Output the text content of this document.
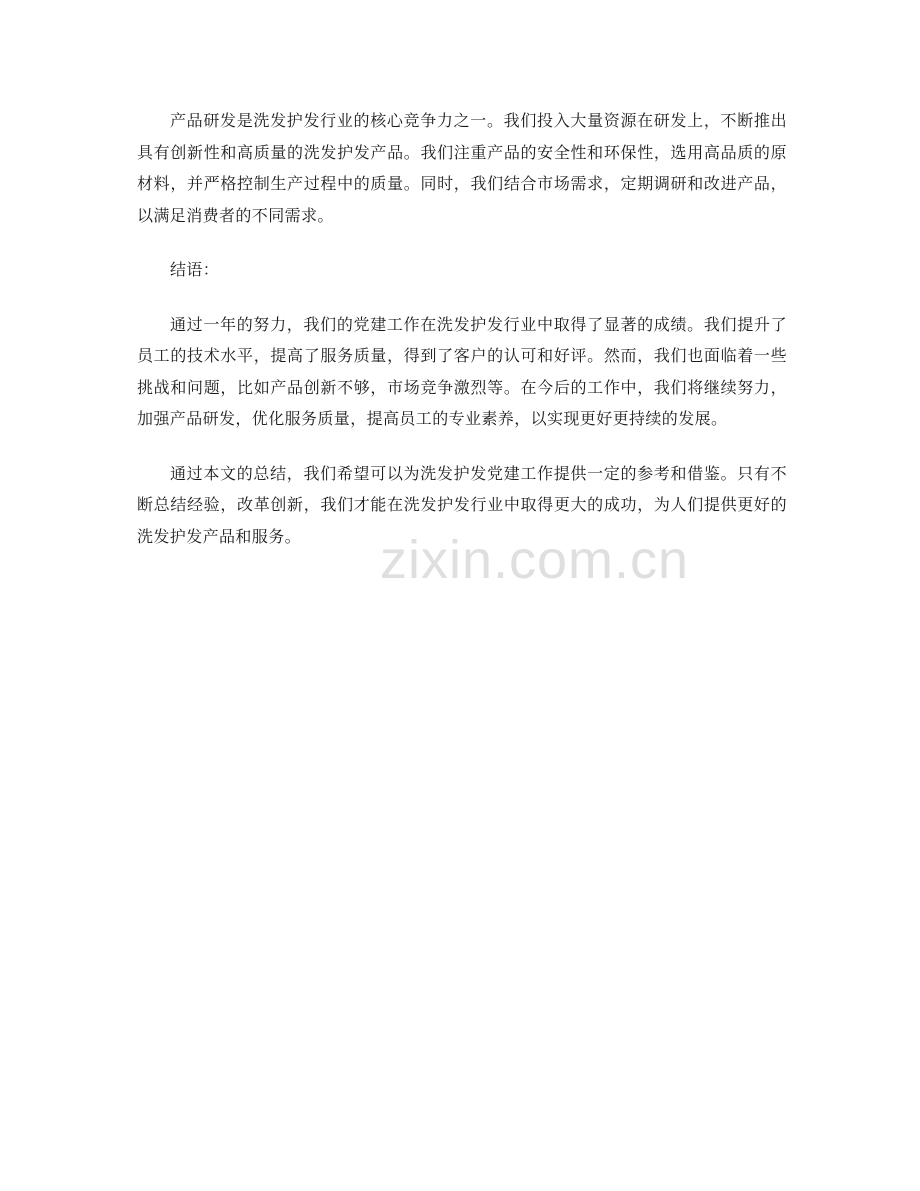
产品研发是洗发护发行业的核心竞争力之一。我们投入大量资源在研发上，不断推出具有创新性和高质量的洗发护发产品。我们注重产品的安全性和环保性，选用高品质的原材料，并严格控制生产过程中的质量。同时，我们结合市场需求，定期调研和改进产品，以满足消费者的不同需求。

结语：

通过一年的努力，我们的党建工作在洗发护发行业中取得了显著的成绩。我们提升了员工的技术水平，提高了服务质量，得到了客户的认可和好评。然而，我们也面临着一些挑战和问题，比如产品创新不够，市场竞争激烈等。在今后的工作中，我们将继续努力，加强产品研发，优化服务质量，提高员工的专业素养，以实现更好更持续的发展。

通过本文的总结，我们希望可以为洗发护发党建工作提供一定的参考和借鉴。只有不断总结经验，改革创新，我们才能在洗发护发行业中取得更大的成功，为人们提供更好的洗发护发产品和服务。	zixin.com.cn
